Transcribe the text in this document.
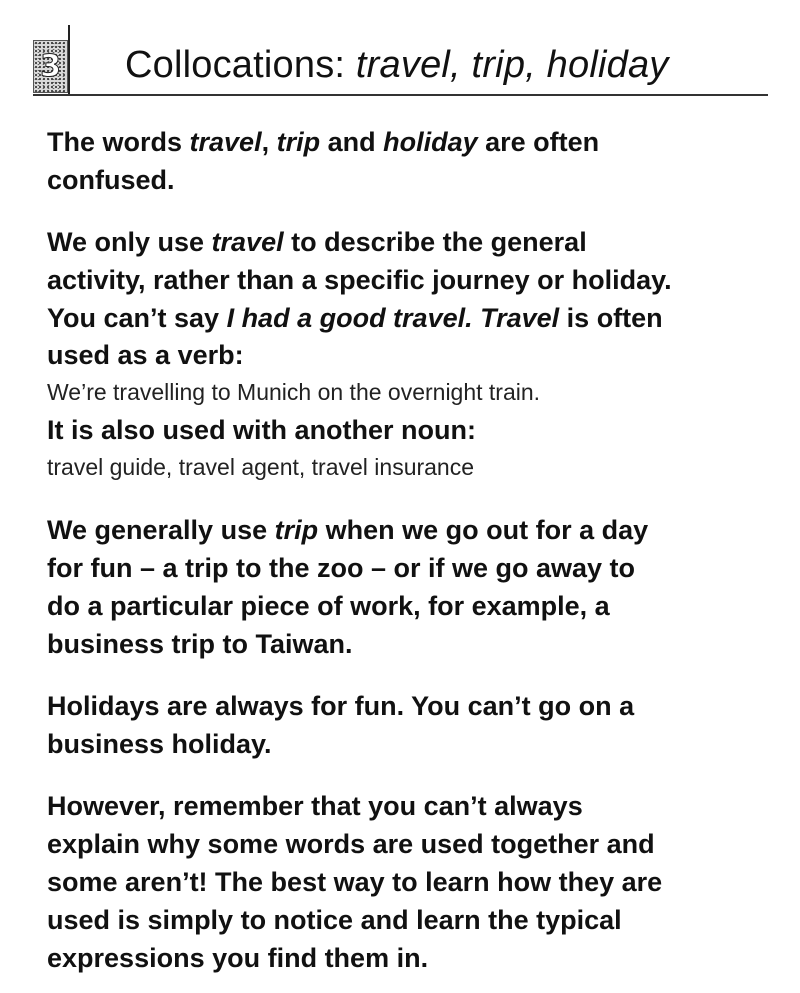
3 Collocations: travel, trip, holiday
The words travel, trip and holiday are often
confused.
We only use travel to describe the general
activity, rather than a specific journey or holiday.
You can’t say I had a good travel. Travel is often
used as a verb:
We’re travelling to Munich on the overnight train.
It is also used with another noun:
travel guide, travel agent, travel insurance
We generally use trip when we go out for a day
for fun – a trip to the zoo – or if we go away to
do a particular piece of work, for example, a
business trip to Taiwan.
Holidays are always for fun. You can’t go on a
business holiday.
However, remember that you can’t always
explain why some words are used together and
some aren’t! The best way to learn how they are
used is simply to notice and learn the typical
expressions you find them in.
